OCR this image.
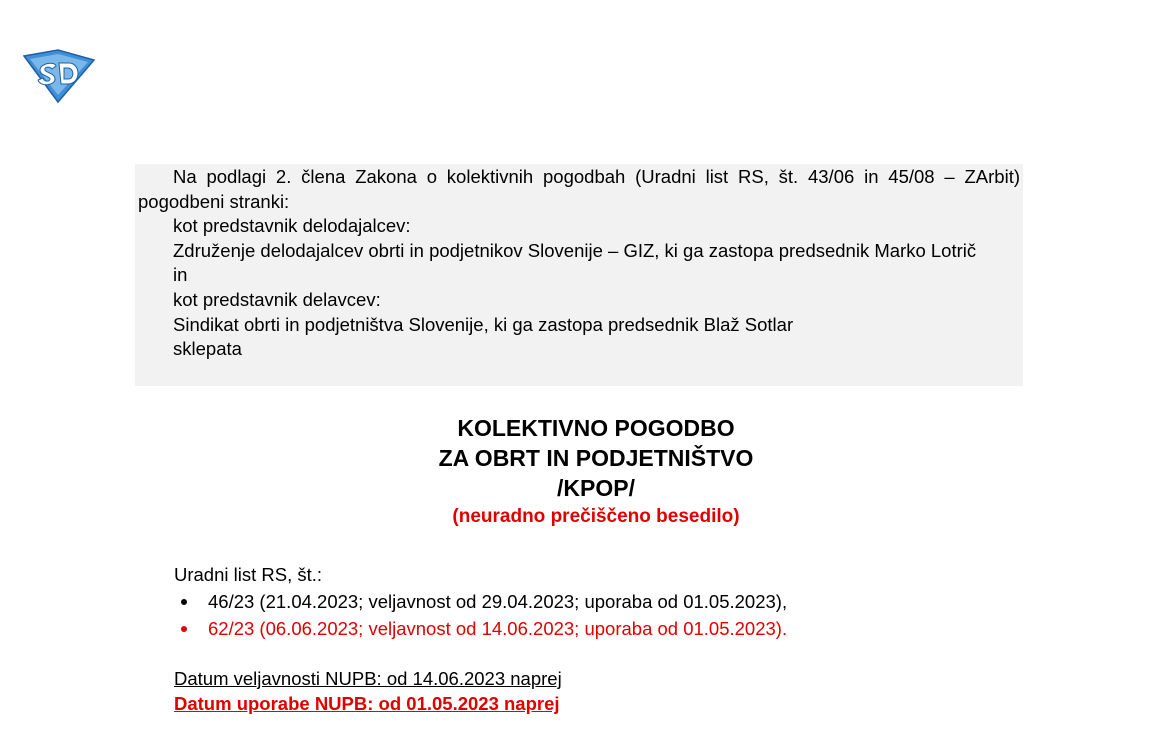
Na podlagi 2. člena Zakona o kolektivnih pogodbah (Uradni list RS, št. 43/06 in 45/08 – ZArbit) pogodbeni stranki:

kot predstavnik delodajalcev:

Združenje delodajalcev obrti in podjetnikov Slovenije – GIZ, ki ga zastopa predsednik Marko Lotrič

in

kot predstavnik delavcev:

Sindikat obrti in podjetništva Slovenije, ki ga zastopa predsednik Blaž Sotlar

sklepata

KOLEKTIVNO POGODBO

ZA OBRT IN PODJETNIŠTVO

/KPOP/

(neuradno prečiščeno besedilo)

Uradni list RS, št.:

46/23 (21.04.2023; veljavnost od 29.04.2023; uporaba od 01.05.2023),
62/23 (06.06.2023; veljavnost od 14.06.2023; uporaba od 01.05.2023).

Datum veljavnosti NUPB: od 14.06.2023 naprej

Datum uporabe NUPB: od 01.05.2023 naprej
